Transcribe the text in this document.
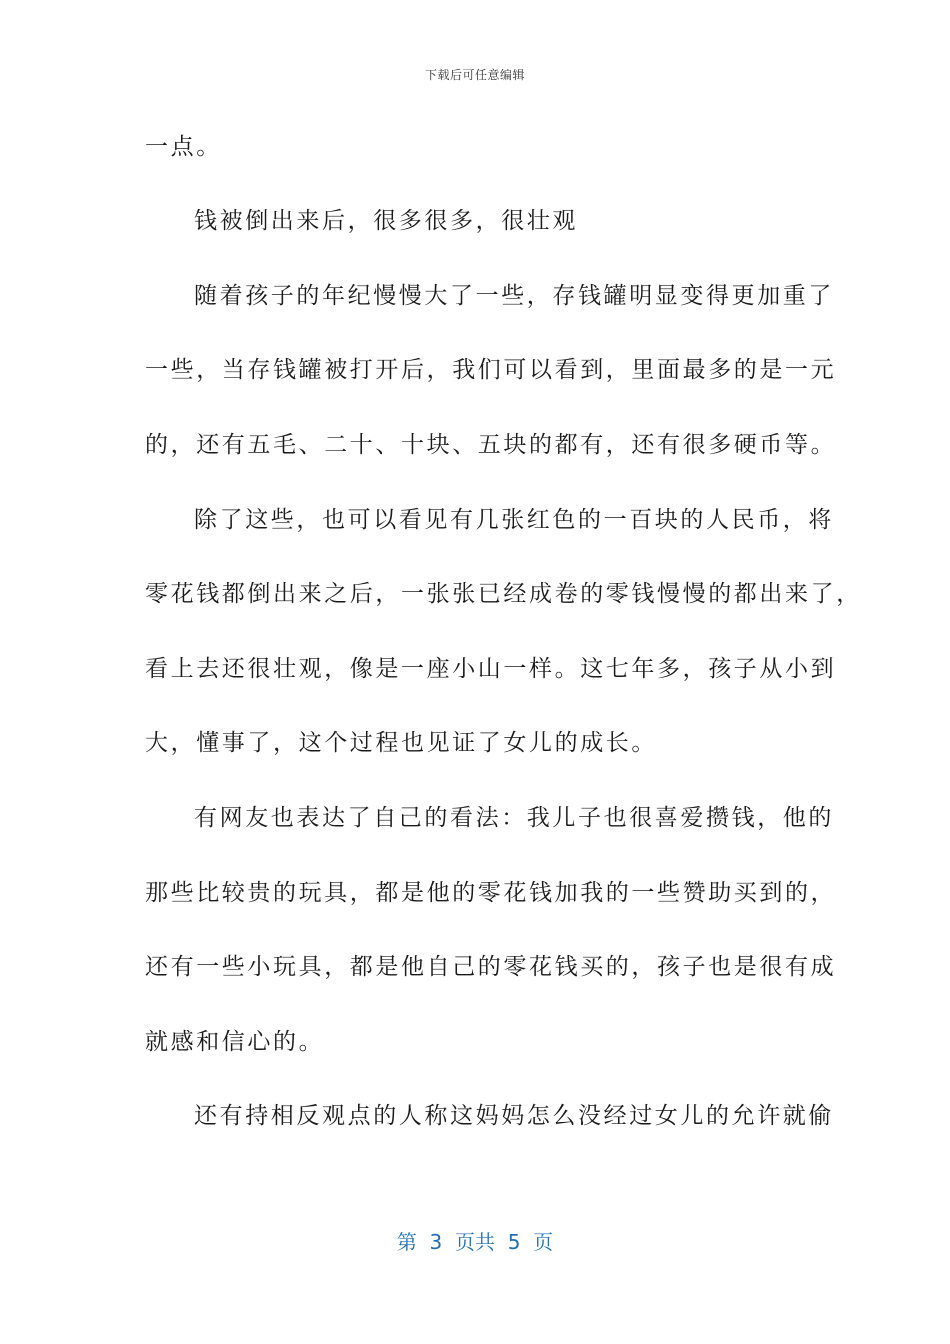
下载后可任意编辑
一点。
钱被倒出来后，很多很多，很壮观
随着孩子的年纪慢慢大了一些，存钱罐明显变得更加重了
一些，当存钱罐被打开后，我们可以看到，里面最多的是一元
的，还有五毛、二十、十块、五块的都有，还有很多硬币等。
除了这些，也可以看见有几张红色的一百块的人民币，将
零花钱都倒出来之后，一张张已经成卷的零钱慢慢的都出来了，
看上去还很壮观，像是一座小山一样。这七年多，孩子从小到
大，懂事了，这个过程也见证了女儿的成长。
有网友也表达了自己的看法：我儿子也很喜爱攒钱，他的
那些比较贵的玩具，都是他的零花钱加我的一些赞助买到的，
还有一些小玩具，都是他自己的零花钱买的，孩子也是很有成
就感和信心的。
还有持相反观点的人称这妈妈怎么没经过女儿的允许就偷
第  3  页共  5  页
